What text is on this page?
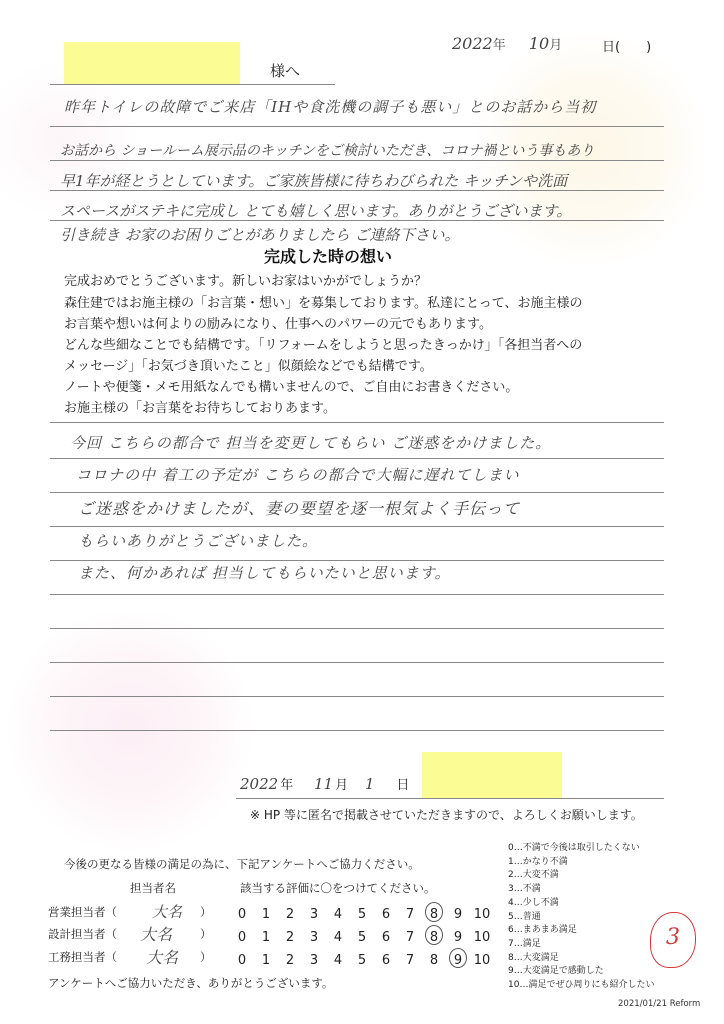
2022年 10月	日(　　)
様へ
昨年トイレの故障でご来店「IHや食洗機の調子も悪い」とのお話から当初
お話から ショールーム展示品のキッチンをご検討いただき、コロナ禍という事もあり
早1年が経とうとしています。ご家族皆様に待ちわびられた キッチンや洗面
スペースがステキに完成し とても嬉しく思います。ありがとうございます。
引き続き お家のお困りごとがありましたら ご連絡下さい。
完成した時の想い
完成おめでとうございます。新しいお家はいかがでしょうか？
森住建ではお施主様の「お言葉・想い」を募集しております。私達にとって、お施主様の
お言葉や想いは何よりの励みになり、仕事へのパワーの元でもあります。
どんな些細なことでも結構です。「リフォームをしようと思ったきっかけ」「各担当者への
メッセージ」「お気づき頂いたこと」似顔絵などでも結構です。
ノートや便箋・メモ用紙なんでも構いませんので、ご自由にお書きください。
お施主様の「お言葉をお待ちしておりあます。
今回 こちらの都合で 担当を変更してもらい ご迷惑をかけました。
コロナの中 着工の予定が こちらの都合で大幅に遅れてしまい
ご迷惑をかけましたが、妻の要望を逐一根気よく手伝って
もらいありがとうございました。
また、何かあれば 担当してもらいたいと思います。
2022 年 11 月 1 日
※ HP 等に匿名で掲載させていただきますので、よろしくお願いします。
今後の更なる皆様の満足の為に、下記アンケートへご協力ください。
担当者名	該当する評価に〇をつけてください。
営業担当者（ 大名 ）
設計担当者（ 大名 ）
工務担当者（ 大名 ）
0 1 2 3 4 5 6 7 8 9 10
0 1 2 3 4 5 6 7 8 9 10
0 1 2 3 4 5 6 7 8 9 10
アンケートへご協力いただき、ありがとうございます。
0…不満で今後は取引したくない
1…かなり不満
2…大変不満
3…不満
4…少し不満
5…普通
6…まあまあ満足
7…満足
8…大変満足
9…大変満足で感動した
10…満足でぜひ周りにも紹介したい
3
2021/01/21 Reform
